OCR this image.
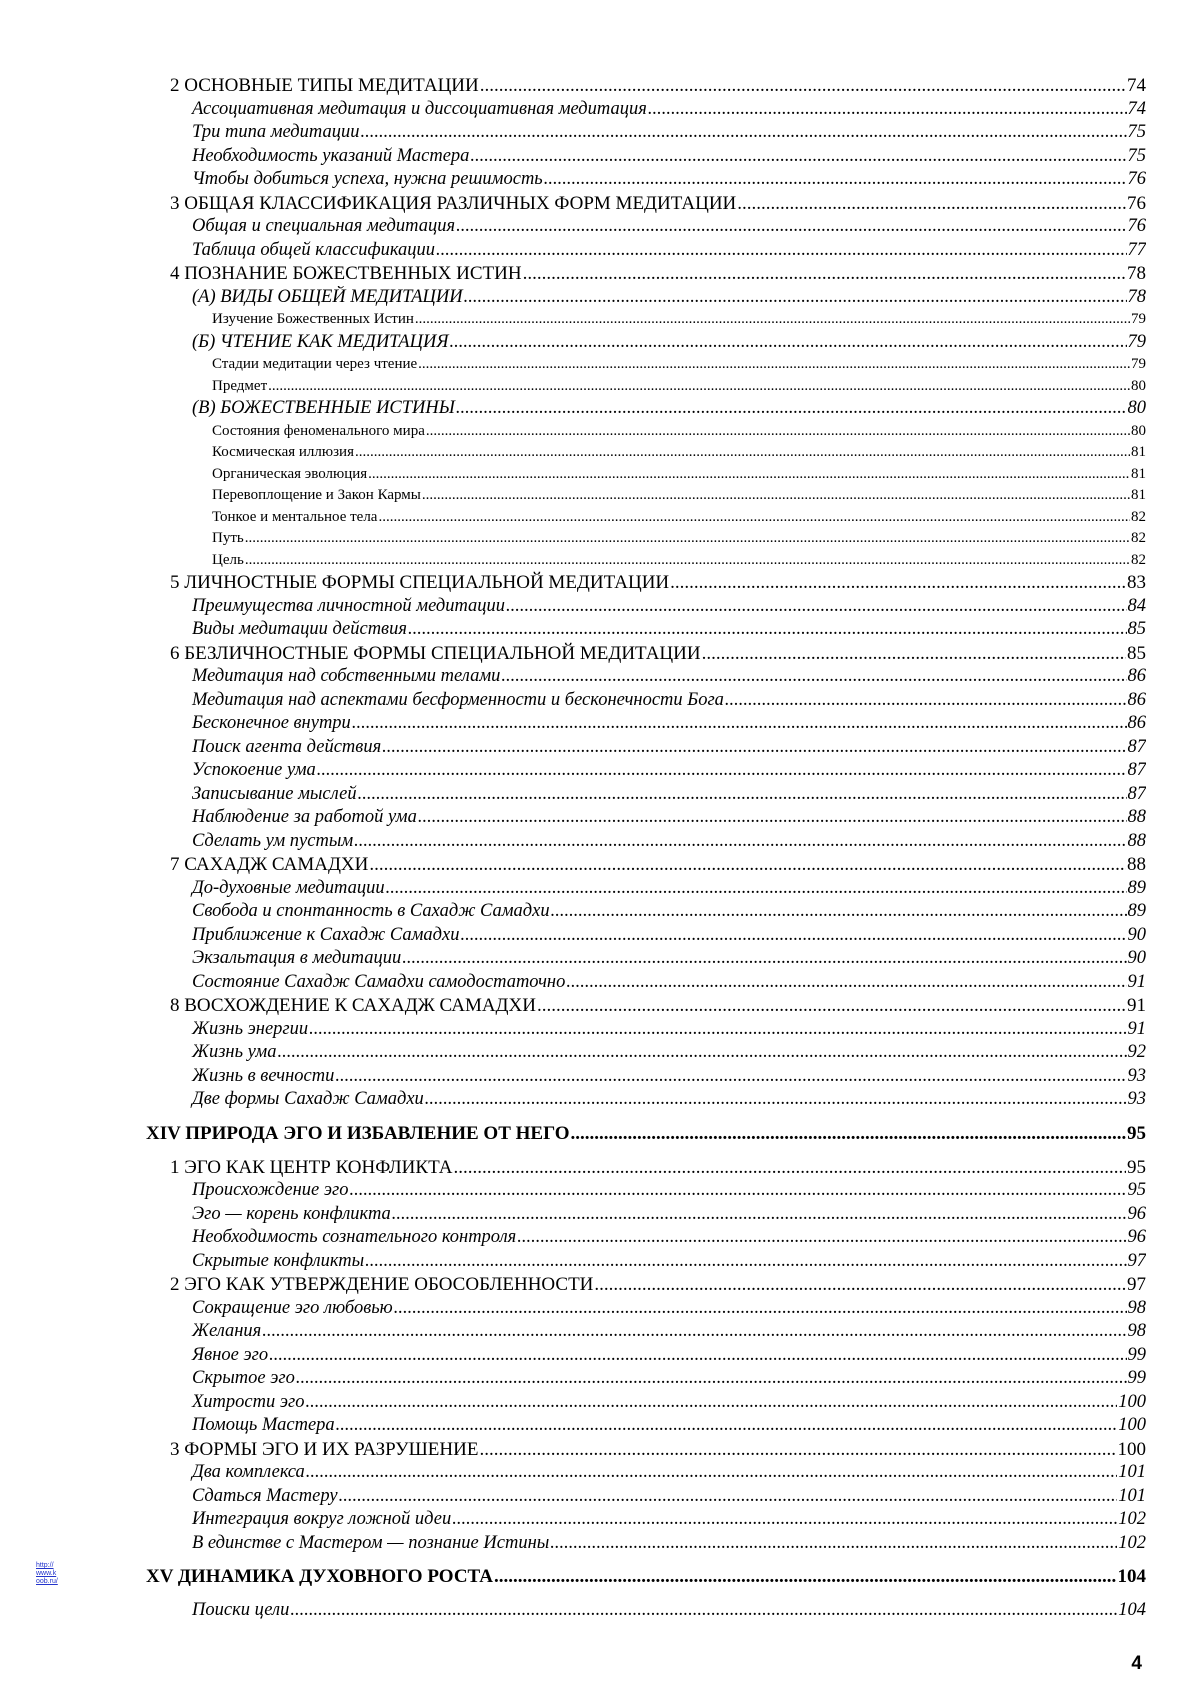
2 ОСНОВНЫЕ ТИПЫ МЕДИТАЦИИ .....	74
Ассоциативная медитация и диссоциативная медитация .....	74
Три типа медитации .....	75
Необходимость указаний Мастера .....	75
Чтобы добиться успеха, нужна решимость .....	76
3 ОБЩАЯ КЛАССИФИКАЦИЯ РАЗЛИЧНЫХ ФОРМ МЕДИТАЦИИ .....	76
Общая и специальная медитация .....	76
Таблица общей классификации .....	77
4 ПОЗНАНИЕ БОЖЕСТВЕННЫХ ИСТИН .....	78
(А) ВИДЫ ОБЩЕЙ МЕДИТАЦИИ .....	78
Изучение Божественных Истин .....	79
(Б) ЧТЕНИЕ КАК МЕДИТАЦИЯ .....	79
Стадии медитации через чтение .....	79
Предмет .....	80
(В) БОЖЕСТВЕННЫЕ ИСТИНЫ .....	80
Состояния феноменального мира .....	80
Космическая иллюзия .....	81
Органическая эволюция .....	81
Перевоплощение и Закон Кармы .....	81
Тонкое и ментальное тела .....	82
Путь .....	82
Цель .....	82
5 ЛИЧНОСТНЫЕ ФОРМЫ СПЕЦИАЛЬНОЙ МЕДИТАЦИИ .....	83
Преимущества личностной медитации .....	84
Виды медитации действия .....	85
6 БЕЗЛИЧНОСТНЫЕ ФОРМЫ СПЕЦИАЛЬНОЙ МЕДИТАЦИИ .....	85
Медитация над собственными телами .....	86
Медитация над аспектами бесформенности и бесконечности Бога .....	86
Бесконечное внутри .....	86
Поиск агента действия .....	87
Успокоение ума .....	87
Записывание мыслей .....	87
Наблюдение за работой ума .....	88
Сделать ум пустым .....	88
7 САХАДЖ САМАДХИ .....	88
До-духовные медитации .....	89
Свобода и спонтанность в Сахадж Самадхи .....	89
Приближение к Сахадж Самадхи .....	90
Экзальтация в медитации .....	90
Состояние Сахадж Самадхи самодостаточно .....	91
8 ВОСХОЖДЕНИЕ К САХАДЖ САМАДХИ .....	91
Жизнь энергии .....	91
Жизнь ума .....	92
Жизнь в вечности .....	93
Две формы Сахадж Самадхи .....	93
XIV ПРИРОДА ЭГО И ИЗБАВЛЕНИЕ ОТ НЕГО .....	95
1 ЭГО КАК ЦЕНТР КОНФЛИКТА .....	95
Происхождение эго .....	95
Эго — корень конфликта .....	96
Необходимость сознательного контроля .....	96
Скрытые конфликты .....	97
2 ЭГО КАК УТВЕРЖДЕНИЕ ОБОСОБЛЕННОСТИ .....	97
Сокращение эго любовью .....	98
Желания .....	98
Явное эго .....	99
Скрытое эго .....	99
Хитрости эго .....	100
Помощь Мастера .....	100
3 ФОРМЫ ЭГО И ИХ РАЗРУШЕНИЕ .....	100
Два комплекса .....	101
Сдаться Мастеру .....	101
Интеграция вокруг ложной идеи .....	102
В единстве с Мастером — познание Истины .....	102
XV ДИНАМИКА ДУХОВНОГО РОСТА .....	104
Поиски цели .....	104
http://www.koob.ru/
4
